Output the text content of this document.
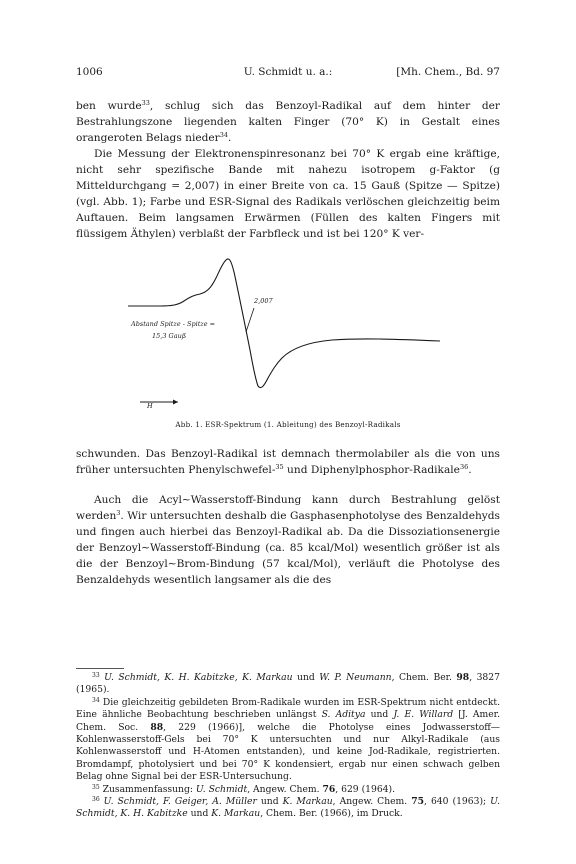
1006	U. Schmidt u. a.:	[Mh. Chem., Bd. 97

ben wurde$^{33}$, schlug sich das Benzoyl-Radikal auf dem hinter der Bestrahlungszone liegenden kalten Finger (70° K) in Gestalt eines orangeroten Belags nieder$^{34}$.

Die Messung der Elektronenspinresonanz bei 70° K ergab eine kräftige, nicht sehr spezifische Bande mit nahezu isotropem g-Faktor (g Mitteldurchgang = 2,007) in einer Breite von ca. 15 Gauß (Spitze — Spitze) (vgl. Abb. 1); Farbe und ESR-Signal des Radikals verlöschen gleichzeitig beim Auftauen. Beim langsamen Erwärmen (Füllen des kalten Fingers mit flüssigem Äthylen) verblaßt der Farbfleck und ist bei 120° K ver-

2,007
Abstand Spitze - Spitze =
15,3 Gauß
H
Abb. 1. ESR-Spektrum (1. Ableitung) des Benzoyl-Radikals

schwunden. Das Benzoyl-Radikal ist demnach thermolabiler als die von uns früher untersuchten Phenylschwefel-$^{35}$ und Diphenylphosphor-Radikale$^{36}$.

Auch die Acyl∼Wasserstoff-Bindung kann durch Bestrahlung gelöst werden$^3$. Wir untersuchten deshalb die Gasphasenphotolyse des Benzaldehyds und fingen auch hierbei das Benzoyl-Radikal ab. Da die Dissoziationsenergie der Benzoyl∼Wasserstoff-Bindung (ca. 85 kcal/Mol) wesentlich größer ist als die der Benzoyl∼Brom-Bindung (57 kcal/Mol), verläuft die Photolyse des Benzaldehyds wesentlich langsamer als die des

$^{33}$ U. Schmidt, K. H. Kabitzke, K. Markau und W. P. Neumann, Chem. Ber. 98, 3827 (1965).

$^{34}$ Die gleichzeitig gebildeten Brom-Radikale wurden im ESR-Spektrum nicht entdeckt. Eine ähnliche Beobachtung beschrieben unlängst S. Aditya und J. E. Willard [J. Amer. Chem. Soc. 88, 229 (1966)], welche die Photolyse eines Jodwasserstoff—Kohlenwasserstoff-Gels bei 70° K untersuchten und nur Alkyl-Radikale (aus Kohlenwasserstoff und H-Atomen entstanden), und keine Jod-Radikale, registrierten. Bromdampf, photolysiert und bei 70° K kondensiert, ergab nur einen schwach gelben Belag ohne Signal bei der ESR-Untersuchung.

$^{35}$ Zusammenfassung: U. Schmidt, Angew. Chem. 76, 629 (1964).

$^{36}$ U. Schmidt, F. Geiger, A. Müller und K. Markau, Angew. Chem. 75, 640 (1963); U. Schmidt, K. H. Kabitzke und K. Markau, Chem. Ber. (1966), im Druck.
